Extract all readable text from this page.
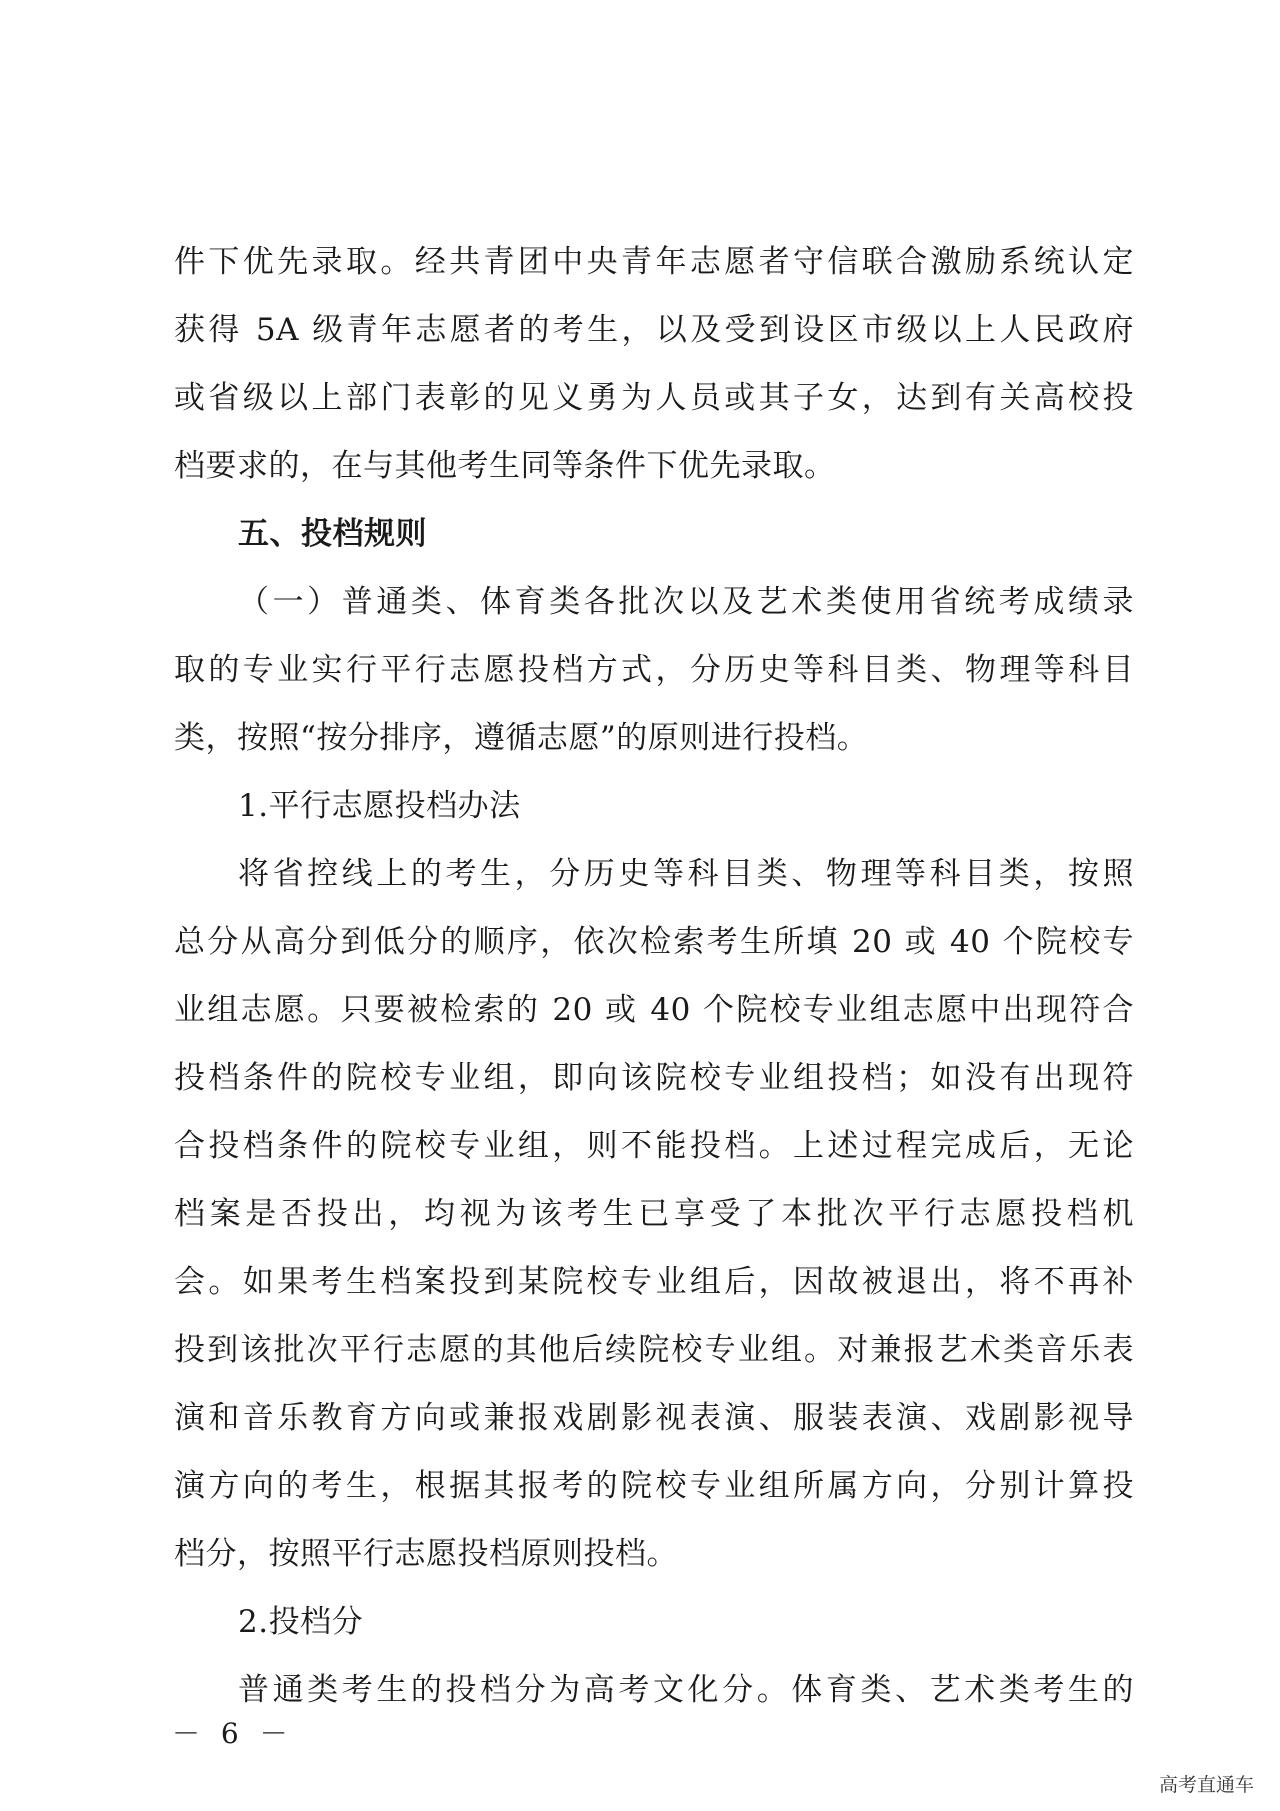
件下优先录取。经共青团中央青年志愿者守信联合激励系统认定
获得 5A 级青年志愿者的考生，以及受到设区市级以上人民政府
或省级以上部门表彰的见义勇为人员或其子女，达到有关高校投
档要求的，在与其他考生同等条件下优先录取。
五、投档规则
（一）普通类、体育类各批次以及艺术类使用省统考成绩录
取的专业实行平行志愿投档方式，分历史等科目类、物理等科目
类，按照“按分排序，遵循志愿”的原则进行投档。
1.平行志愿投档办法
将省控线上的考生，分历史等科目类、物理等科目类，按照
总分从高分到低分的顺序，依次检索考生所填 20 或 40 个院校专
业组志愿。只要被检索的 20 或 40 个院校专业组志愿中出现符合
投档条件的院校专业组，即向该院校专业组投档；如没有出现符
合投档条件的院校专业组，则不能投档。上述过程完成后，无论
档案是否投出，均视为该考生已享受了本批次平行志愿投档机
会。如果考生档案投到某院校专业组后，因故被退出，将不再补
投到该批次平行志愿的其他后续院校专业组。对兼报艺术类音乐表
演和音乐教育方向或兼报戏剧影视表演、服装表演、戏剧影视导
演方向的考生，根据其报考的院校专业组所属方向，分别计算投
档分，按照平行志愿投档原则投档。
2.投档分
普通类考生的投档分为高考文化分。体育类、艺术类考生的
－ 6 －
高考直通车
